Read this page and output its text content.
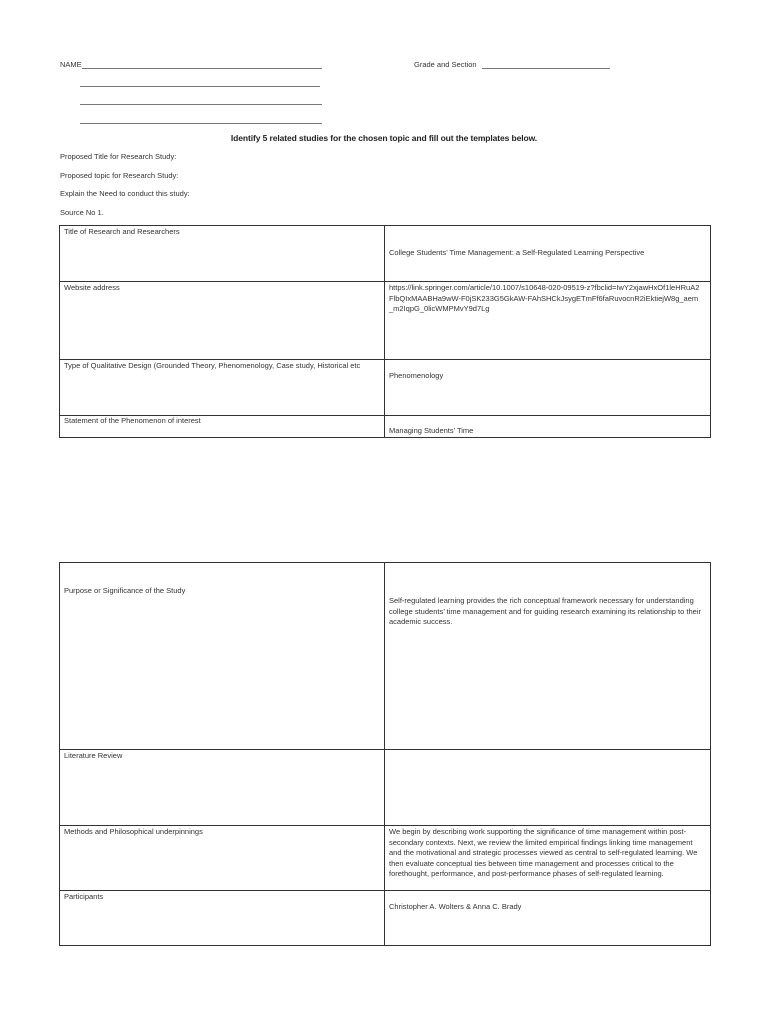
NAME	Grade and Section
Identify 5 related studies for the chosen topic and fill out the templates below.
Proposed Title for Research Study:
Proposed topic for Research Study:
Explain the Need to conduct this study:
Source No 1.
Title of Research and Researchers	College Students’ Time Management: a Self-Regulated Learning Perspective

Website address	https://link.springer.com/article/10.1007/s10648-020-09519-z?fbclid=IwY2xjawHxOf1leHRuA2FlbQIxMAABHa9wW-F0jSK233G5GkAW-FAhSHCkJsygETmFf6faRuvocnR2iEktiejW8g_aem_m2IqpG_0licWMPMvY9d7Lg

Type of Qualitative Design (Grounded Theory, Phenomenology, Case study, Historical etc	Phenomenology

Statement of the Phenomenon of interest	Managing Students’ Time
Purpose or Significance of the Study	Self-regulated learning provides the rich conceptual framework necessary for understanding college students’ time management and for guiding research examining its relationship to their academic success.

Literature Review	

Methods and Philosophical underpinnings	We begin by describing work supporting the significance of time management within post-secondary contexts. Next, we review the limited empirical findings linking time management and the motivational and strategic processes viewed as central to self-regulated learning. We then evaluate conceptual ties between time management and processes critical to the forethought, performance, and post-performance phases of self-regulated learning.

Participants	Christopher A. Wolters & Anna C. Brady
